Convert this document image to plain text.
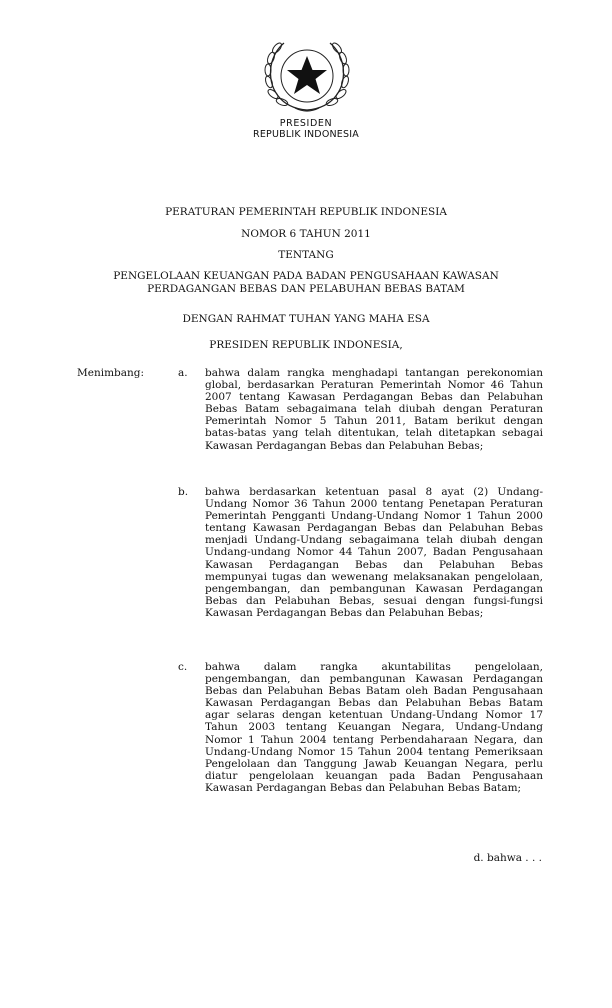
PRESIDEN
REPUBLIK INDONESIA
PERATURAN PEMERINTAH REPUBLIK INDONESIA
NOMOR 6 TAHUN 2011
TENTANG
PENGELOLAAN KEUANGAN PADA BADAN PENGUSAHAAN KAWASAN
PERDAGANGAN BEBAS DAN PELABUHAN BEBAS BATAM
DENGAN RAHMAT TUHAN YANG MAHA ESA
PRESIDEN REPUBLIK INDONESIA,
Menimbang:	a. bahwa dalam rangka menghadapi tantangan perekonomian global, berdasarkan Peraturan Pemerintah Nomor 46 Tahun 2007 tentang Kawasan Perdagangan Bebas dan Pelabuhan Bebas Batam sebagaimana telah diubah dengan Peraturan Pemerintah Nomor 5 Tahun 2011, Batam berikut dengan batas-batas yang telah ditentukan, telah ditetapkan sebagai Kawasan Perdagangan Bebas dan Pelabuhan Bebas;
b. bahwa berdasarkan ketentuan pasal 8 ayat (2) Undang-Undang Nomor 36 Tahun 2000 tentang Penetapan Peraturan Pemerintah Pengganti Undang-Undang Nomor 1 Tahun 2000 tentang Kawasan Perdagangan Bebas dan Pelabuhan Bebas menjadi Undang-Undang sebagaimana telah diubah dengan Undang-undang Nomor 44 Tahun 2007, Badan Pengusahaan Kawasan Perdagangan Bebas dan Pelabuhan Bebas mempunyai tugas dan wewenang melaksanakan pengelolaan, pengembangan, dan pembangunan Kawasan Perdagangan Bebas dan Pelabuhan Bebas, sesuai dengan fungsi-fungsi Kawasan Perdagangan Bebas dan Pelabuhan Bebas;
c. bahwa dalam rangka akuntabilitas pengelolaan, pengembangan, dan pembangunan Kawasan Perdagangan Bebas dan Pelabuhan Bebas Batam oleh Badan Pengusahaan Kawasan Perdagangan Bebas dan Pelabuhan Bebas Batam agar selaras dengan ketentuan Undang-Undang Nomor 17 Tahun 2003 tentang Keuangan Negara, Undang-Undang Nomor 1 Tahun 2004 tentang Perbendaharaan Negara, dan Undang-Undang Nomor 15 Tahun 2004 tentang Pemeriksaan Pengelolaan dan Tanggung Jawab Keuangan Negara, perlu diatur pengelolaan keuangan pada Badan Pengusahaan Kawasan Perdagangan Bebas dan Pelabuhan Bebas Batam;
d. bahwa . . .
